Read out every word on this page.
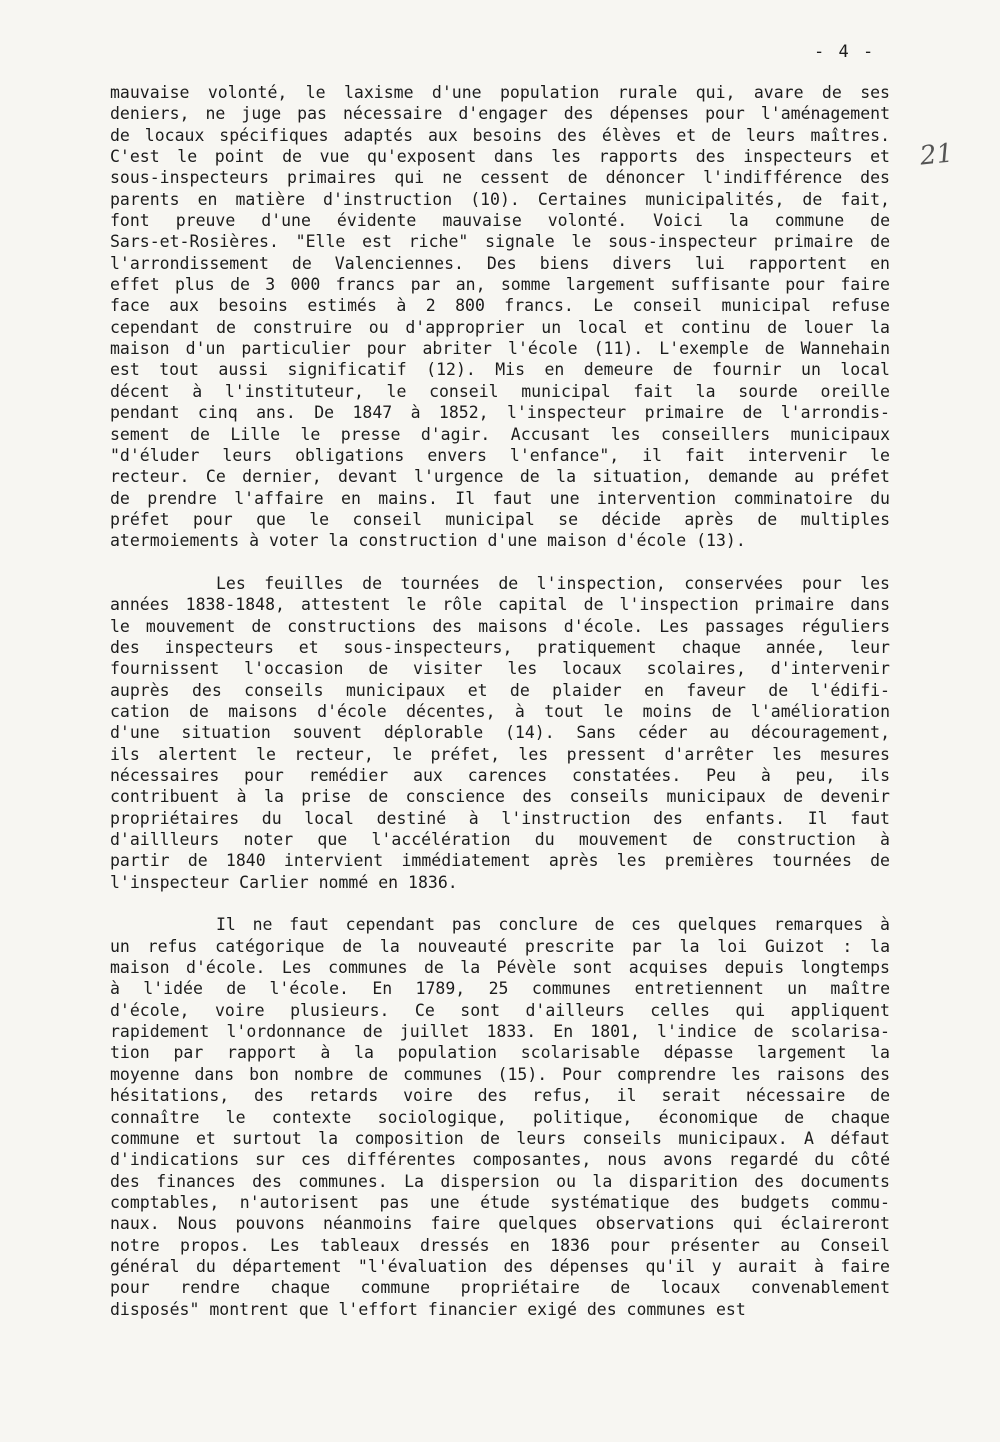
- 4 -
21
mauvaise volonté, le laxisme d'une population rurale qui, avare de ses
deniers, ne juge pas nécessaire d'engager des dépenses pour l'aménagement
de locaux spécifiques adaptés aux besoins des élèves et de leurs maîtres.
C'est le point de vue qu'exposent dans les rapports des inspecteurs et
sous-inspecteurs primaires qui ne cessent de dénoncer l'indifférence des
parents en matière d'instruction (10). Certaines municipalités, de fait,
font preuve d'une évidente mauvaise volonté. Voici la commune de
Sars-et-Rosières. "Elle est riche" signale le sous-inspecteur primaire de
l'arrondissement de Valenciennes. Des biens divers lui rapportent en
effet plus de 3 000 francs par an, somme largement suffisante pour faire
face aux besoins estimés à 2 800 francs. Le conseil municipal refuse
cependant de construire ou d'approprier un local et continu de louer la
maison d'un particulier pour abriter l'école (11). L'exemple de Wannehain
est tout aussi significatif (12). Mis en demeure de fournir un local
décent à l'instituteur, le conseil municipal fait la sourde oreille
pendant cinq ans. De 1847 à 1852, l'inspecteur primaire de l'arrondis-
sement de Lille le presse d'agir. Accusant les conseillers municipaux
"d'éluder leurs obligations envers l'enfance", il fait intervenir le
recteur. Ce dernier, devant l'urgence de la situation, demande au préfet
de prendre l'affaire en mains. Il faut une intervention comminatoire du
préfet pour que le conseil municipal se décide après de multiples
atermoiements à voter la construction d'une maison d'école (13).
Les feuilles de tournées de l'inspection, conservées pour les
années 1838-1848, attestent le rôle capital de l'inspection primaire dans
le mouvement de constructions des maisons d'école. Les passages réguliers
des inspecteurs et sous-inspecteurs, pratiquement chaque année, leur
fournissent l'occasion de visiter les locaux scolaires, d'intervenir
auprès des conseils municipaux et de plaider en faveur de l'édifi-
cation de maisons d'école décentes, à tout le moins de l'amélioration
d'une situation souvent déplorable (14). Sans céder au découragement,
ils alertent le recteur, le préfet, les pressent d'arrêter les mesures
nécessaires pour remédier aux carences constatées. Peu à peu, ils
contribuent à la prise de conscience des conseils municipaux de devenir
propriétaires du local destiné à l'instruction des enfants. Il faut
d'aillleurs noter que l'accélération du mouvement de construction à
partir de 1840 intervient immédiatement après les premières tournées de
l'inspecteur Carlier nommé en 1836.
Il ne faut cependant pas conclure de ces quelques remarques à
un refus catégorique de la nouveauté prescrite par la loi Guizot : la
maison d'école. Les communes de la Pévèle sont acquises depuis longtemps
à l'idée de l'école. En 1789, 25 communes entretiennent un maître
d'école, voire plusieurs. Ce sont d'ailleurs celles qui appliquent
rapidement l'ordonnance de juillet 1833. En 1801, l'indice de scolarisa-
tion par rapport à la population scolarisable dépasse largement la
moyenne dans bon nombre de communes (15). Pour comprendre les raisons des
hésitations, des retards voire des refus, il serait nécessaire de
connaître le contexte sociologique, politique, économique de chaque
commune et surtout la composition de leurs conseils municipaux. A défaut
d'indications sur ces différentes composantes, nous avons regardé du côté
des finances des communes. La dispersion ou la disparition des documents
comptables, n'autorisent pas une étude systématique des budgets commu-
naux. Nous pouvons néanmoins faire quelques observations qui éclaireront
notre propos. Les tableaux dressés en 1836 pour présenter au Conseil
général du département "l'évaluation des dépenses qu'il y aurait à faire
pour rendre chaque commune propriétaire de locaux convenablement
disposés" montrent que l'effort financier exigé des communes est
